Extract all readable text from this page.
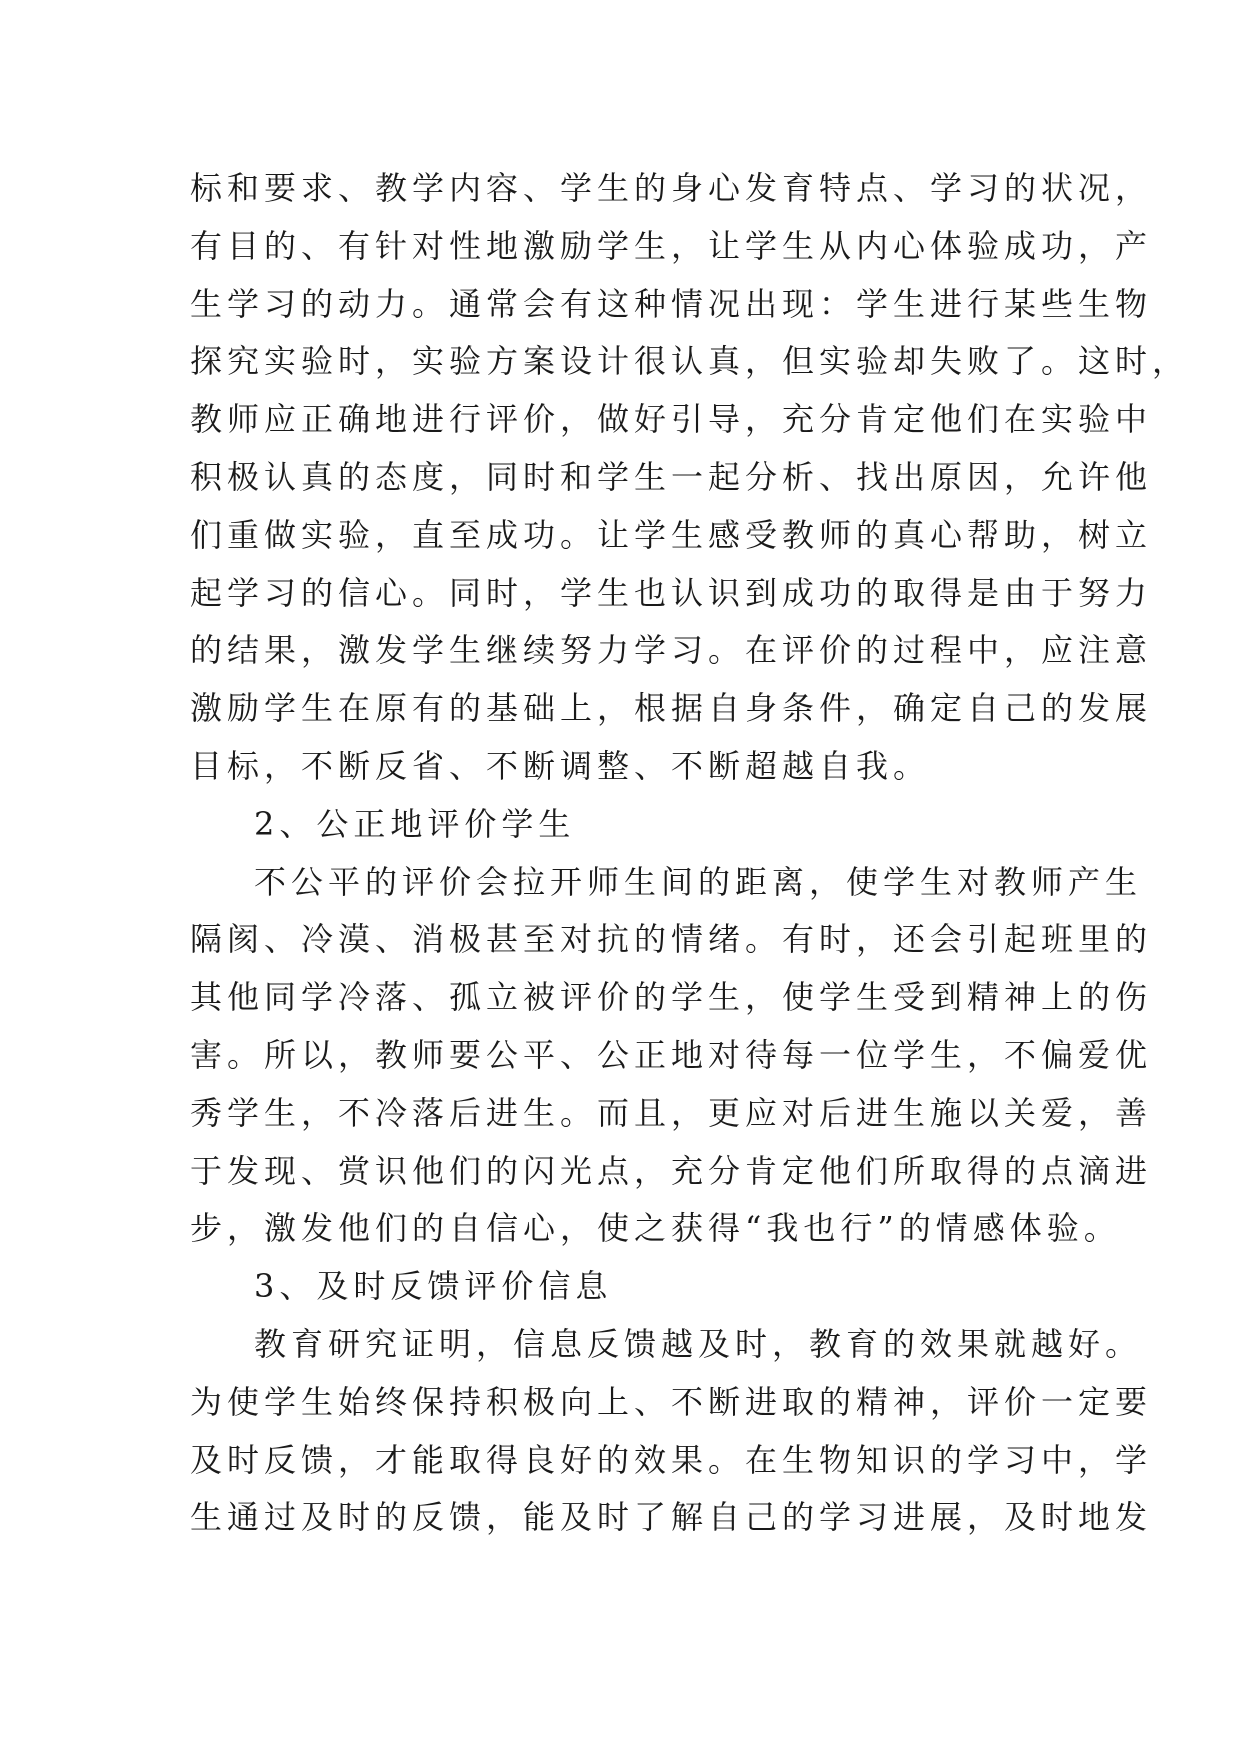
标和要求、教学内容、学生的身心发育特点、学习的状况，
有目的、有针对性地激励学生，让学生从内心体验成功，产
生学习的动力。通常会有这种情况出现：学生进行某些生物
探究实验时，实验方案设计很认真，但实验却失败了。这时，
教师应正确地进行评价，做好引导，充分肯定他们在实验中
积极认真的态度，同时和学生一起分析、找出原因，允许他
们重做实验，直至成功。让学生感受教师的真心帮助，树立
起学习的信心。同时，学生也认识到成功的取得是由于努力
的结果，激发学生继续努力学习。在评价的过程中，应注意
激励学生在原有的基础上，根据自身条件，确定自己的发展
目标，不断反省、不断调整、不断超越自我。
2、公正地评价学生
不公平的评价会拉开师生间的距离，使学生对教师产生
隔阂、冷漠、消极甚至对抗的情绪。有时，还会引起班里的
其他同学冷落、孤立被评价的学生，使学生受到精神上的伤
害。所以，教师要公平、公正地对待每一位学生，不偏爱优
秀学生，不冷落后进生。而且，更应对后进生施以关爱，善
于发现、赏识他们的闪光点，充分肯定他们所取得的点滴进
步，激发他们的自信心，使之获得“我也行”的情感体验。
3、及时反馈评价信息
教育研究证明，信息反馈越及时，教育的效果就越好。
为使学生始终保持积极向上、不断进取的精神，评价一定要
及时反馈，才能取得良好的效果。在生物知识的学习中，学
生通过及时的反馈，能及时了解自己的学习进展，及时地发
